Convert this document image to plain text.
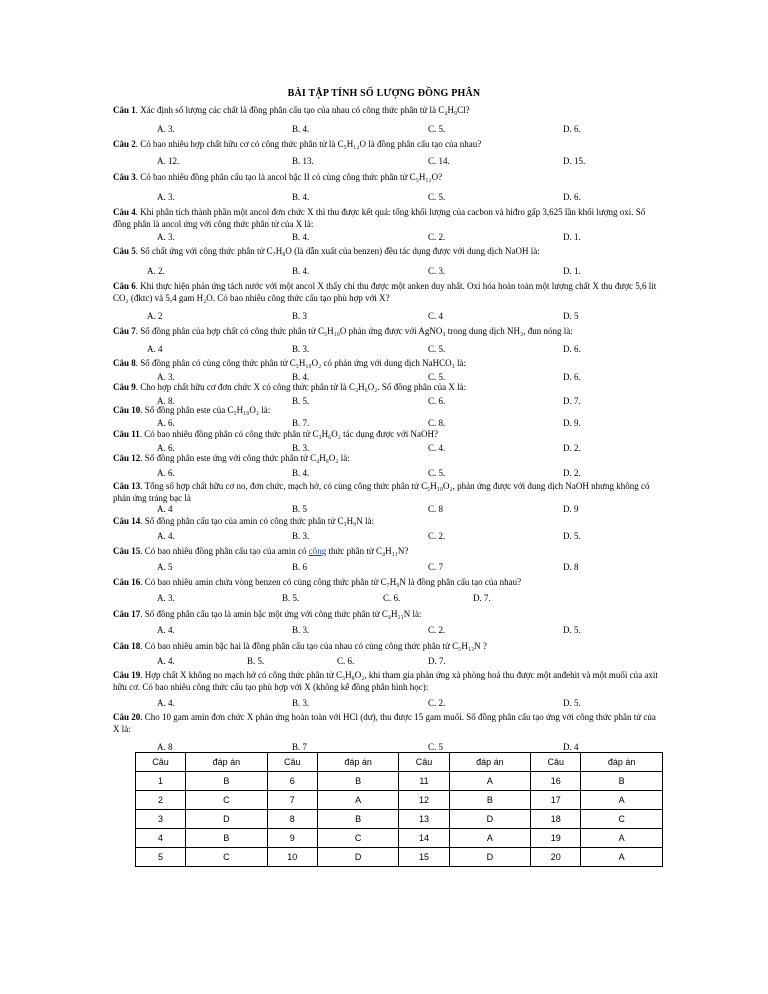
BÀI TẬP TÍNH SỐ LƯỢNG ĐỒNG PHÂN
Câu 1. Xác định số lượng các chất là đồng phân cấu tạo của nhau có công thức phân tử là C₄H₉Cl?
A. 3.	B. 4.	C. 5.	D. 6.
Câu 2. Có bao nhiêu hợp chất hữu cơ có công thức phân tử là C₅H₁₂O là đồng phân cấu tạo của nhau?
A. 12.	B. 13.	C. 14.	D. 15.
Câu 3. Có bao nhiêu đồng phân cấu tạo là ancol bậc II có cùng công thức phân tử C₅H₁₂O?
A. 3.	B. 4.	C. 5.	D. 6.
Câu 4. Khi phân tích thành phần một ancol đơn chức X thì thu được kết quả: tổng khối lượng của cacbon và hiđro gấp 3,625 lần khối lượng oxi. Số đồng phân là ancol ứng với công thức phân tử của X là:
A. 3.	B. 4.	C. 2.	D. 1.
Câu 5. Số chất ứng với công thức phân tử C₇H₈O (là dẫn xuất của benzen) đều tác dụng được với dung dịch NaOH là:
A. 2.	B. 4.	C. 3.	D. 1.
Câu 6. Khi thực hiện phản ứng tách nước với một ancol X thấy chỉ thu được một anken duy nhất. Oxi hóa hoàn toàn một lượng chất X thu được 5,6 lít CO₂ (đktc) và 5,4 gam H₂O. Có bao nhiêu công thức cấu tạo phù hợp với X?
A. 2	B. 3	C. 4	D. 5
Câu 7. Số đồng phân của hợp chất có công thức phân tử C₅H₁₀O phản ứng được với AgNO₃ trong dung dịch NH₃, đun nóng là:
A. 4	B. 3.	C. 5.	D. 6.
Câu 8. Số đồng phân có cùng công thức phân tử C₅H₁₀O₂ có phản ứng với dung dịch NaHCO₃ là:
A. 3.	B. 4.	C. 5.	D. 6.
Câu 9. Cho hợp chất hữu cơ đơn chức X có công thức phân tử là C₃H₆O₂. Số đồng phân của X là:
A. 8.	B. 5.	C. 6.	D. 7.
Câu 10. Số đồng phân este của C₅H₁₀O₂ là:
A. 6.	B. 7.	C. 8.	D. 9.
Câu 11. Có bao nhiêu đồng phân có công thức phân tử C₃H₆O₂ tác dụng được với NaOH?
A. 6.	B. 3.	C. 4.	D. 2.
Câu 12. Số đồng phân este ứng với công thức phân tử C₄H₈O₂ là:
A. 6.	B. 4.	C. 5.	D. 2.
Câu 13. Tổng số hợp chất hữu cơ no, đơn chức, mạch hở, có cùng công thức phân tử C₅H₁₀O₂, phản ứng được với dung dịch NaOH nhưng không có phản ứng tráng bạc là
A. 4	B. 5	C. 8	D. 9
Câu 14. Số đồng phân cấu tạo của amin có công thức phân tử C₃H₉N là:
A. 4.	B. 3.	C. 2.	D. 5.
Câu 15. Có bao nhiêu đồng phân cấu tạo của amin có công thức phân tử C₄H₁₁N?
A. 5	B. 6	C. 7	D. 8
Câu 16. Có bao nhiêu amin chứa vòng benzen có cùng công thức phân tử C₇H₉N là đồng phân cấu tạo của nhau?
A. 3.	B. 5.	C. 6.	D. 7.
Câu 17. Số đồng phân cấu tạo là amin bậc một ứng với công thức phân tử C₄H₁₁N là:
A. 4.	B. 3.	C. 2.	D. 5.
Câu 18. Có bao nhiêu amin bậc hai là đồng phân cấu tạo của nhau có cùng công thức phân tử C₅H₁₃N ?
A. 4.	B. 5.	C. 6.	D. 7.
Câu 19. Hợp chất X không no mạch hở có công thức phân tử C₅H₈O₂, khi tham gia phản ứng xà phòng hoá thu được một anđehit và một muối của axit hữu cơ. Có bao nhiêu công thức cấu tạo phù hợp với X (không kể đồng phân hình học):
A. 4.	B. 3.	C. 2.	D. 5.
Câu 20. Cho 10 gam amin đơn chức X phản ứng hoàn toàn với HCl (dư), thu được 15 gam muối. Số đồng phân cấu tạo ứng với công thức phân tử của X là:
A. 8	B. 7	C. 5	D. 4
Câu	đáp án	Câu	đáp án	Câu	đáp án	Câu	đáp án
1	B	6	B	11	A	16	B
2	C	7	A	12	B	17	A
3	D	8	B	13	D	18	C
4	B	9	C	14	A	19	A
5	C	10	D	15	D	20	A
